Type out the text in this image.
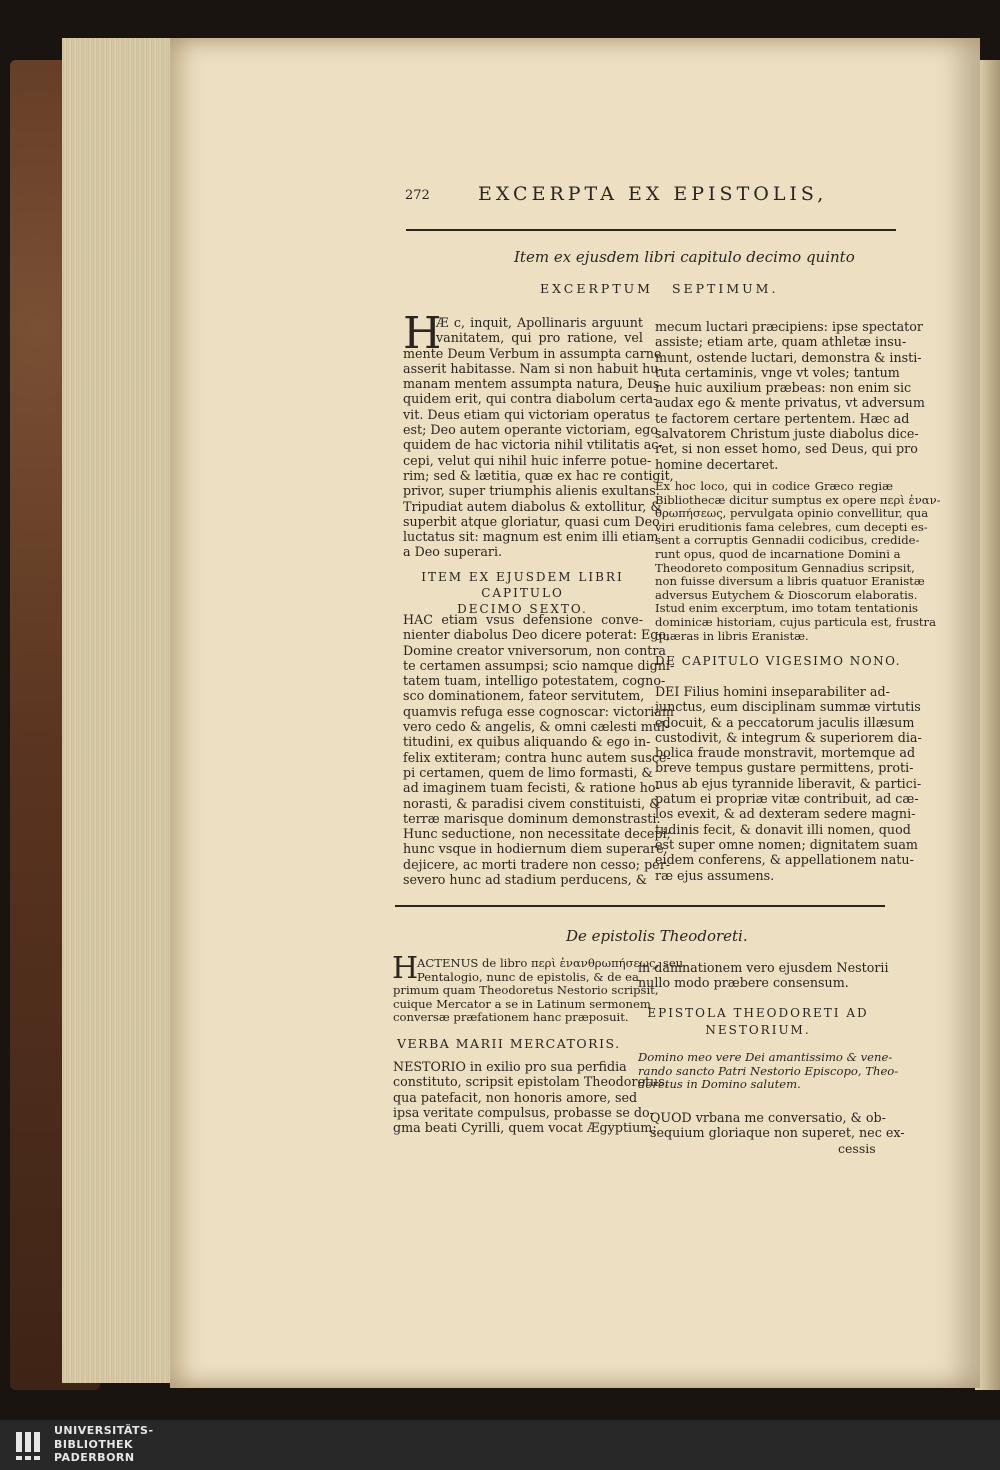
272	EXCERPTA EX EPISTOLIS,
Item ex ejusdem libri capitulo decimo quinto
EXCERPTUM SEPTIMUM.
H
Æ c, inquit, Apollinaris arguunt
vanitatem, qui pro ratione, vel
mente Deum Verbum in assumpta carne
asserit habitasse. Nam si non habuit hu-
manam mentem assumpta natura, Deus
quidem erit, qui contra diabolum certa-
vit. Deus etiam qui victoriam operatus
est; Deo autem operante victoriam, ego
quidem de hac victoria nihil vtilitatis ac-
cepi, velut qui nihil huic inferre potue-
rim; sed & lætitia, quæ ex hac re contigit,
privor, super triumphis alienis exultans.
Tripudiat autem diabolus & extollitur, &
superbit atque gloriatur, quasi cum Deo
luctatus sit: magnum est enim illi etiam
a Deo superari.
ITEM EX EJUSDEM LIBRI CAPITULO
DECIMO SEXTO.
HAC etiam vsus defensione conve-
nienter diabolus Deo dicere poterat: Ego,
Domine creator vniversorum, non contra
te certamen assumpsi; scio namque digni-
tatem tuam, intelligo potestatem, cogno-
sco dominationem, fateor servitutem,
quamvis refuga esse cognoscar: victoriam
vero cedo & angelis, & omni cælesti mul-
titudini, ex quibus aliquando & ego in-
felix extiteram; contra hunc autem susce-
pi certamen, quem de limo formasti, &
ad imaginem tuam fecisti, & ratione ho-
norasti, & paradisi civem constituisti, &
terræ marisque dominum demonstrasti.
Hunc seductione, non necessitate decepi;
hunc vsque in hodiernum diem superare,
dejicere, ac morti tradere non cesso; per-
severo hunc ad stadium perducens, &
mecum luctari præcipiens: ipse spectator
assiste; etiam arte, quam athletæ insu-
munt, ostende luctari, demonstra & insti-
tuta certaminis, vnge vt voles; tantum
ne huic auxilium præbeas: non enim sic
audax ego & mente privatus, vt adversum
te factorem certare pertentem. Hæc ad
salvatorem Christum juste diabolus dice-
ret, si non esset homo, sed Deus, qui pro
homine decertaret.
Ex hoc loco, qui in codice Græco regiæ
Bibliothecæ dicitur sumptus ex opere περὶ ἐναν-
θρωπήσεως, pervulgata opinio convellitur, qua
viri eruditionis fama celebres, cum decepti es-
sent a corruptis Gennadii codicibus, credide-
runt opus, quod de incarnatione Domini a
Theodoreto compositum Gennadius scripsit,
non fuisse diversum a libris quatuor Eranistæ
adversus Eutychem & Dioscorum elaboratis.
Istud enim excerptum, imo totam tentationis
dominicæ historiam, cujus particula est, frustra
quæras in libris Eranistæ.
DE CAPITULO VIGESIMO NONO.
DEI Filius homini inseparabiliter ad-
junctus, eum disciplinam summæ virtutis
edocuit, & a peccatorum jaculis illæsum
custodivit, & integrum & superiorem dia-
bolica fraude monstravit, mortemque ad
breve tempus gustare permittens, proti-
nus ab ejus tyrannide liberavit, & partici-
patum ei propriæ vitæ contribuit, ad cæ-
los evexit, & ad dexteram sedere magni-
tudinis fecit, & donavit illi nomen, quod
est super omne nomen; dignitatem suam
eidem conferens, & appellationem natu-
ræ ejus assumens.
De epistolis Theodoreti.
H
ACTENUS de libro περὶ ἐνανθρωπήσεως, seu
Pentalogio, nunc de epistolis, & de ea
primum quam Theodoretus Nestorio scripsit,
cuique Mercator a se in Latinum sermonem
conversæ præfationem hanc præposuit.
VERBA MARII MERCATORIS.
NESTORIO in exilio pro sua perfidia
constituto, scripsit epistolam Theodoretus,
qua patefacit, non honoris amore, sed
ipsa veritate compulsus, probasse se do-
gma beati Cyrilli, quem vocat Ægyptium;
in damnationem vero ejusdem Nestorii
nullo modo præbere consensum.
EPISTOLA THEODORETI AD
NESTORIUM.
Domino meo vere Dei amantissimo & vene-
rando sancto Patri Nestorio Episcopo, Theo-
doretus in Domino salutem.
QUOD vrbana me conversatio, & ob-
sequium gloriaque non superet, nec ex-
cessis
UNIVERSITÄTS-
BIBLIOTHEK
PADERBORN
